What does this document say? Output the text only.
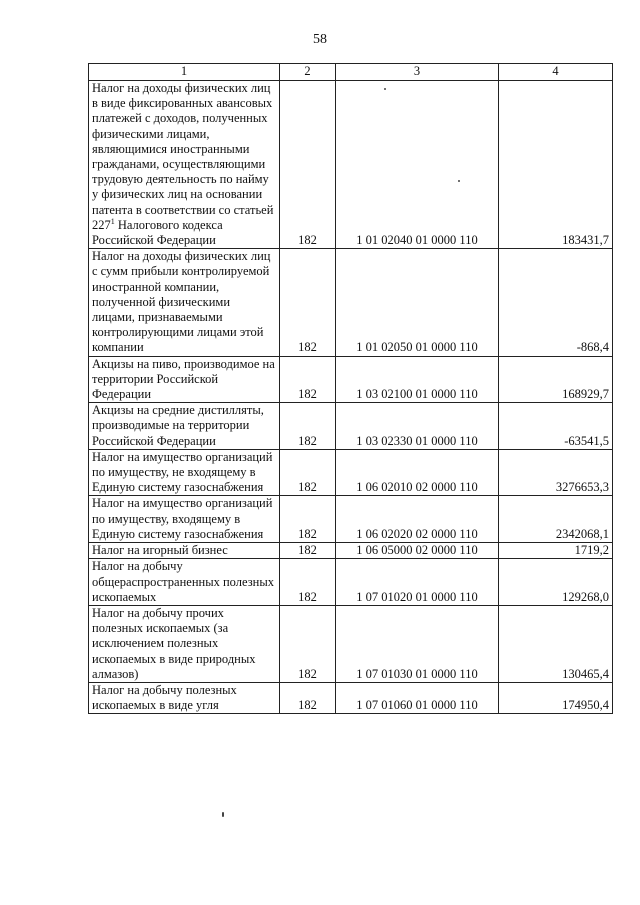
58
1	2	3	4
Налог на доходы физических лиц в виде фиксированных авансовых платежей с доходов, полученных физическими лицами, являющимися иностранными гражданами, осуществляющими трудовую деятельность по найму у физических лиц на основании патента в соответствии со статьей $227^1$ Налогового кодекса Российской Федерации	182	1 01 02040 01 0000 110	183431,7
Налог на доходы физических лиц с сумм прибыли контролируемой иностранной компании, полученной физическими лицами, признаваемыми контролирующими лицами этой компании	182	1 01 02050 01 0000 110	-868,4
Акцизы на пиво, производимое на территории Российской Федерации	182	1 03 02100 01 0000 110	168929,7
Акцизы на средние дистилляты, производимые на территории Российской Федерации	182	1 03 02330 01 0000 110	-63541,5
Налог на имущество организаций по имуществу, не входящему в Единую систему газоснабжения	182	1 06 02010 02 0000 110	3276653,3
Налог на имущество организаций по имуществу, входящему в Единую систему газоснабжения	182	1 06 02020 02 0000 110	2342068,1
Налог на игорный бизнес	182	1 06 05000 02 0000 110	1719,2
Налог на добычу общераспространенных полезных ископаемых	182	1 07 01020 01 0000 110	129268,0
Налог на добычу прочих полезных ископаемых (за исключением полезных ископаемых в виде природных алмазов)	182	1 07 01030 01 0000 110	130465,4
Налог на добычу полезных ископаемых в виде угля	182	1 07 01060 01 0000 110	174950,4
